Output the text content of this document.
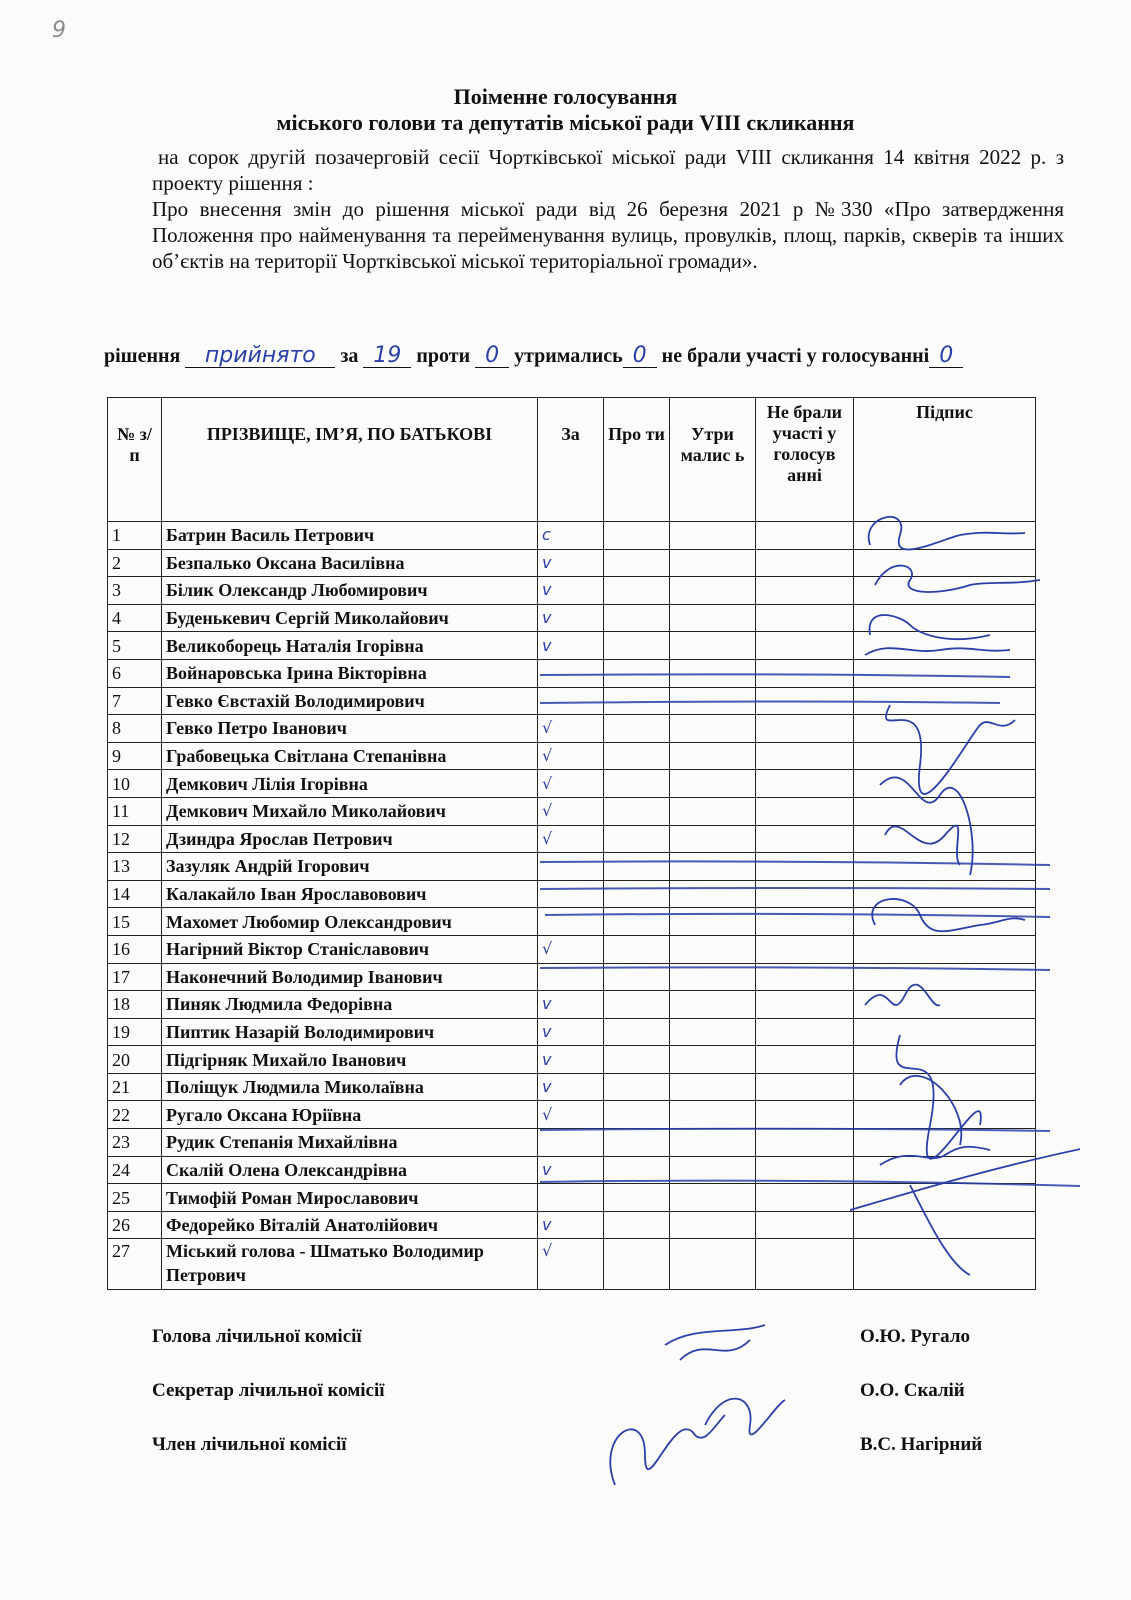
9
Поіменне голосування
міського голови та депутатів міської ради VIII скликання

на сорок другій позачерговій сесії Чортківської міської ради VIII скликання 14 квітня 2022 р. з проекту рішення :

Про внесення змін до рішення міської ради від 26 березня 2021 р №330 «Про затвердження Положення про найменування та перейменування вулиць, провулків, площ, парків, скверів та інших об’єктів на території Чортківської міської територіальної громади».

рішення прийнято за 19 проти 0 утримались 0 не брали участі у голосуванні 0
№ з/п	ПРІЗВИЩЕ, ІМ’Я, ПО БАТЬКОВІ	За	Про ти	Утри малис ь	Не брали участі у голосув анні	Підпис
1	Батрин Василь Петрович	c				
2	Безпалько Оксана Василівна	v				
3	Білик Олександр Любомирович	v				
4	Буденькевич Сергій Миколайович	v				
5	Великоборець Наталія Ігорівна	v				
6	Войнаровська Ірина Вікторівна					
7	Гевко Євстахій Володимирович					
8	Гевко Петро Іванович	√				
9	Грабовецька Світлана Степанівна	√				
10	Демкович Лілія Ігорівна	√				
11	Демкович Михайло Миколайович	√				
12	Дзиндра Ярослав Петрович	√				
13	Зазуляк Андрій Ігорович					
14	Калакайло Іван Ярославовович					
15	Махомет Любомир Олександрович					
16	Нагірний Віктор Станіславович	√				
17	Наконечний Володимир Іванович					
18	Пиняк Людмила Федорівна	v				
19	Пиптик Назарій Володимирович	v				
20	Підгірняк Михайло Іванович	v				
21	Поліщук Людмила Миколаївна	v				
22	Ругало Оксана Юріївна	√				
23	Рудик Степанія Михайлівна					
24	Скалій Олена Олександрівна	v				
25	Тимофій Роман Мирославович					
26	Федорейко Віталій Анатолійович	v				
27	Міський голова - Шматько Володимир Петрович	√				
Голова лічильної комісії	О.Ю. Ругало
Секретар лічильної комісії	О.О. Скалій
Член лічильної комісії	В.С. Нагірний
